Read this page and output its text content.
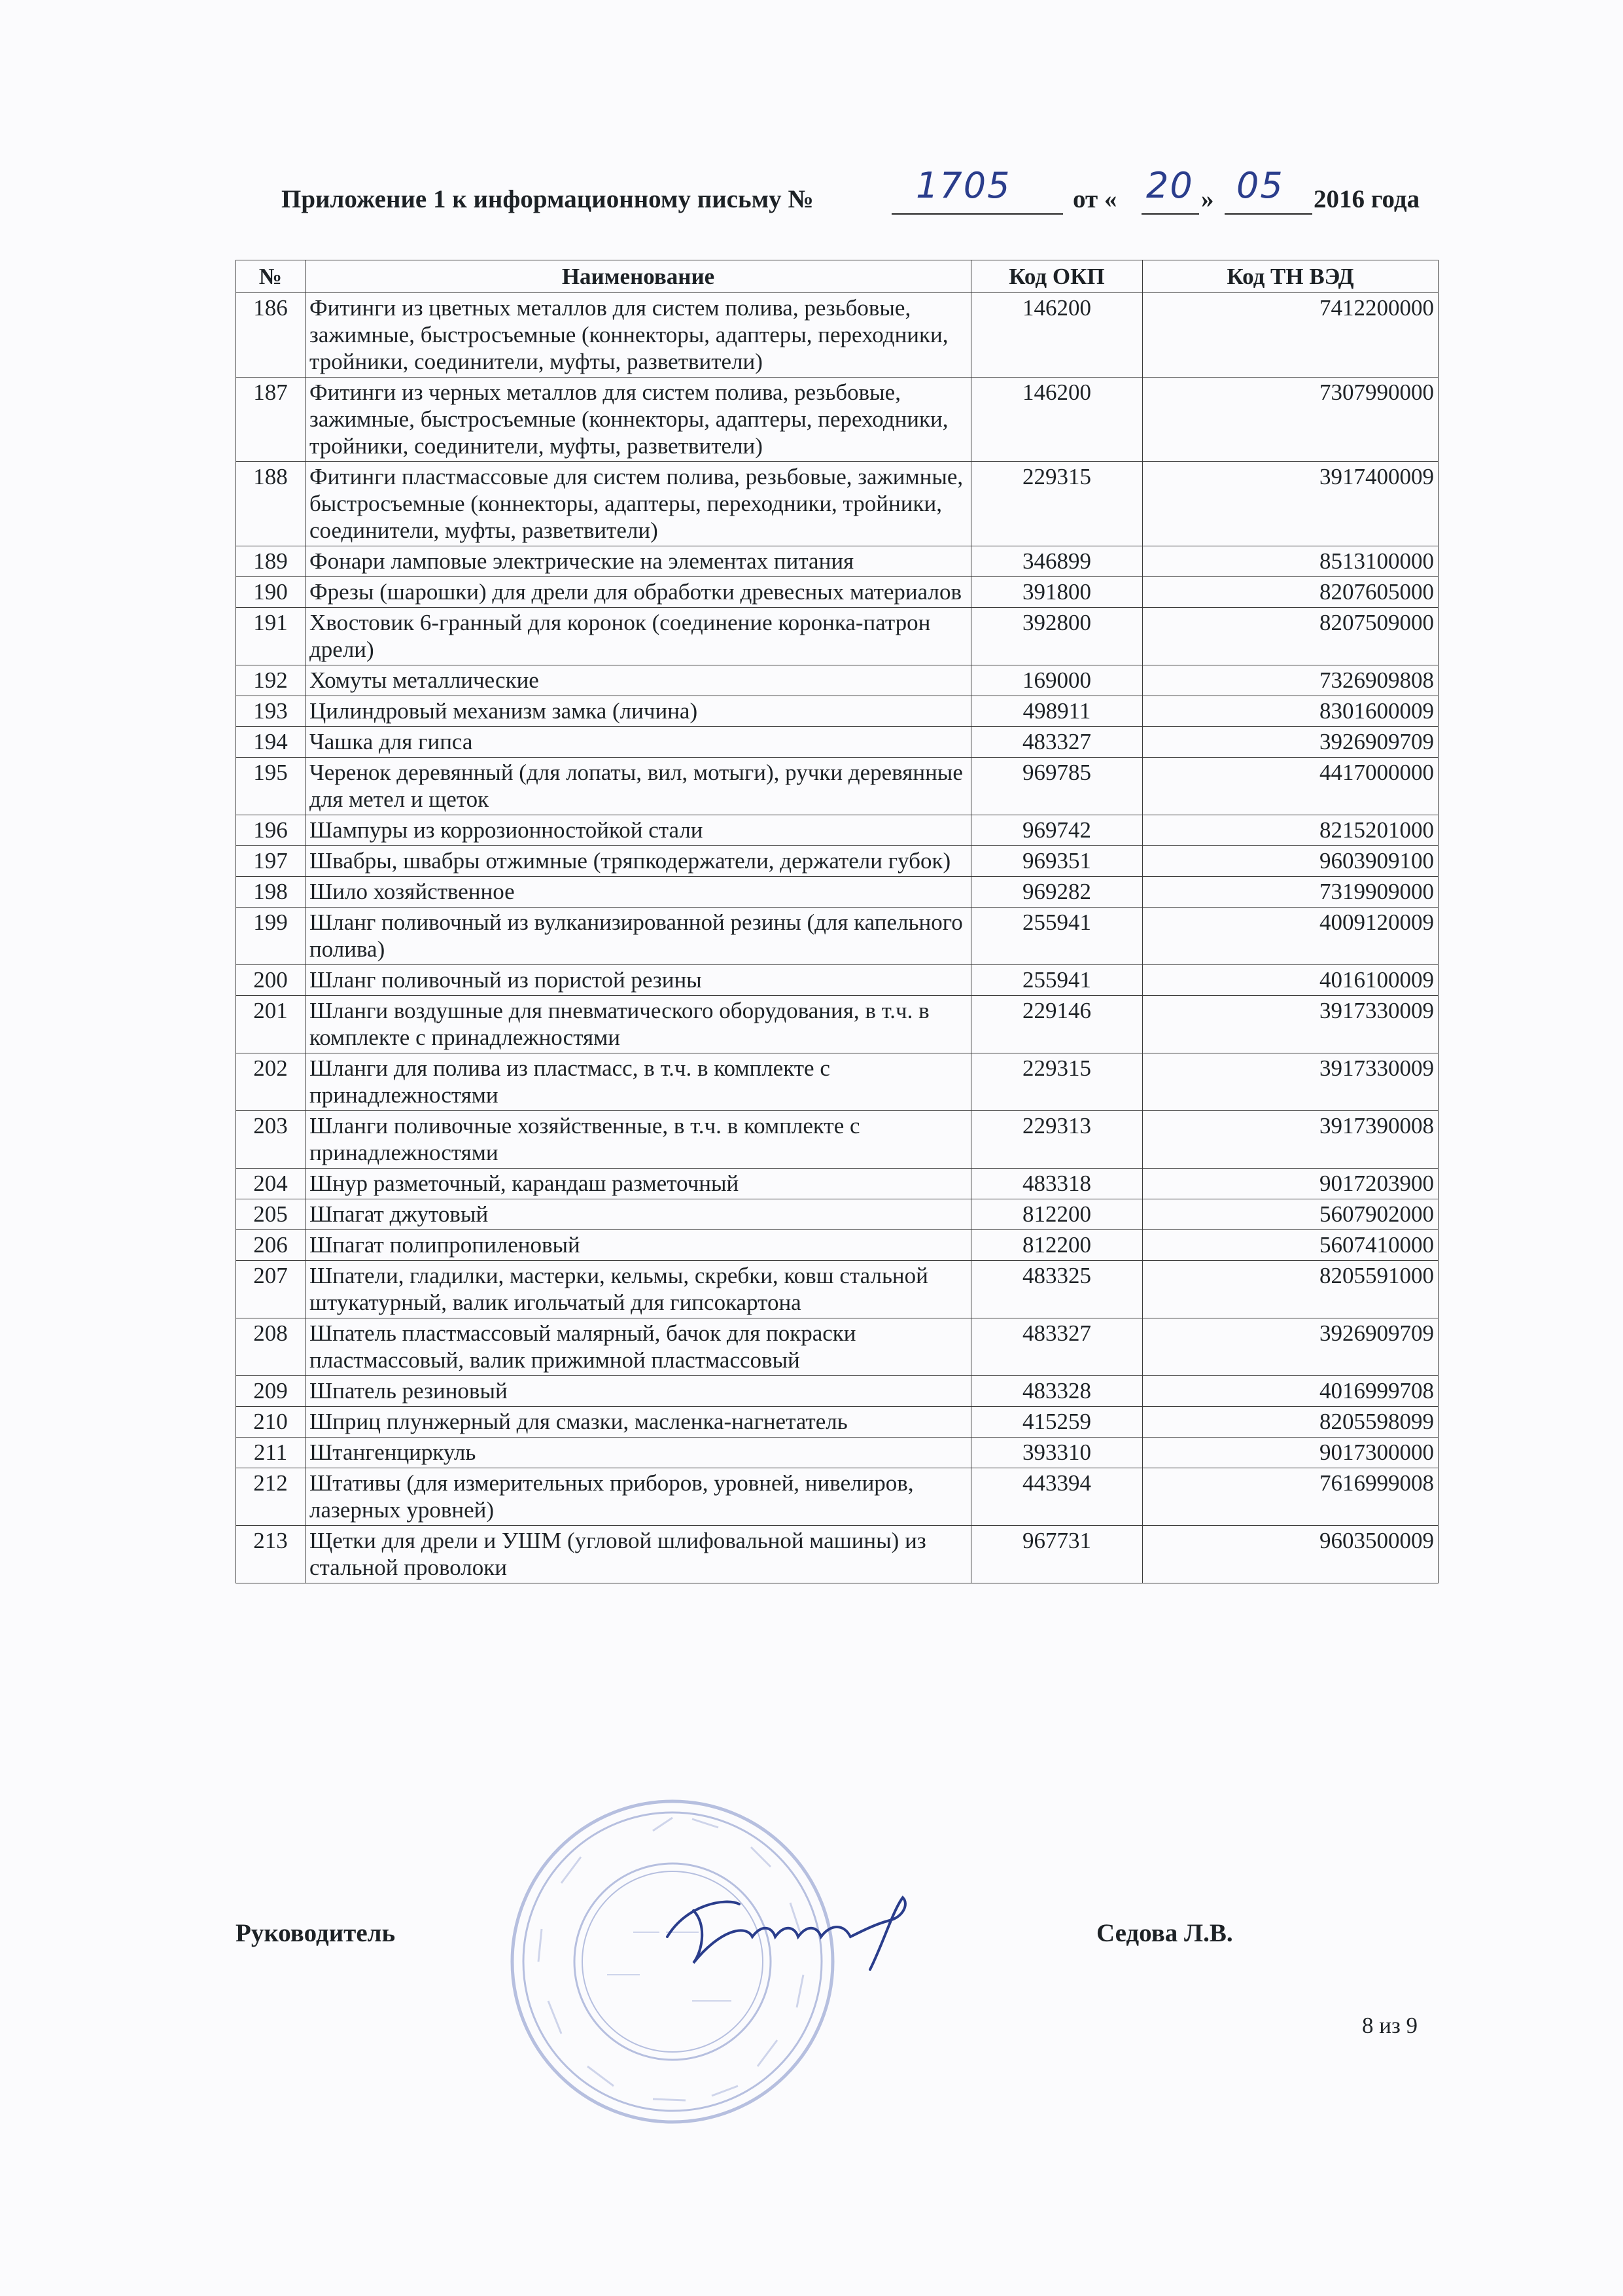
Приложение 1 к информационному письму №	1705 от « 20 » 05 2016 года
№	Наименование	Код ОКП	Код ТН ВЭД
186	Фитинги из цветных металлов для систем полива, резьбовые, зажимные, быстросъемные (коннекторы, адаптеры, переходники, тройники, соединители, муфты, разветвители)	146200	7412200000
187	Фитинги из черных металлов для систем полива, резьбовые, зажимные, быстросъемные (коннекторы, адаптеры, переходники, тройники, соединители, муфты, разветвители)	146200	7307990000
188	Фитинги пластмассовые для систем полива, резьбовые, зажимные, быстросъемные (коннекторы, адаптеры, переходники, тройники, соединители, муфты, разветвители)	229315	3917400009
189	Фонари ламповые электрические на элементах питания	346899	8513100000
190	Фрезы (шарошки) для дрели для обработки древесных материалов	391800	8207605000
191	Хвостовик 6-гранный для коронок (соединение коронка-патрон дрели)	392800	8207509000
192	Хомуты металлические	169000	7326909808
193	Цилиндровый механизм замка (личина)	498911	8301600009
194	Чашка для гипса	483327	3926909709
195	Черенок деревянный (для лопаты, вил, мотыги), ручки деревянные для метел и щеток	969785	4417000000
196	Шампуры из коррозионностойкой стали	969742	8215201000
197	Швабры, швабры отжимные (тряпкодержатели, держатели губок)	969351	9603909100
198	Шило хозяйственное	969282	7319909000
199	Шланг поливочный из вулканизированной резины (для капельного полива)	255941	4009120009
200	Шланг поливочный из пористой резины	255941	4016100009
201	Шланги воздушные для пневматического оборудования, в т.ч. в комплекте с принадлежностями	229146	3917330009
202	Шланги для полива из пластмасс, в т.ч. в комплекте с принадлежностями	229315	3917330009
203	Шланги поливочные хозяйственные, в т.ч. в комплекте с принадлежностями	229313	3917390008
204	Шнур разметочный, карандаш разметочный	483318	9017203900
205	Шпагат джутовый	812200	5607902000
206	Шпагат полипропиленовый	812200	5607410000
207	Шпатели, гладилки, мастерки, кельмы, скребки, ковш стальной штукатурный, валик игольчатый для гипсокартона	483325	8205591000
208	Шпатель пластмассовый малярный, бачок для покраски пластмассовый, валик прижимной пластмассовый	483327	3926909709
209	Шпатель резиновый	483328	4016999708
210	Шприц плунжерный для смазки, масленка-нагнетатель	415259	8205598099
211	Штангенциркуль	393310	9017300000
212	Штативы (для измерительных приборов, уровней, нивелиров, лазерных уровней)	443394	7616999008
213	Щетки для дрели и УШМ (угловой шлифовальной машины) из стальной проволоки	967731	9603500009
Руководитель	Седова Л.В.
8 из 9
